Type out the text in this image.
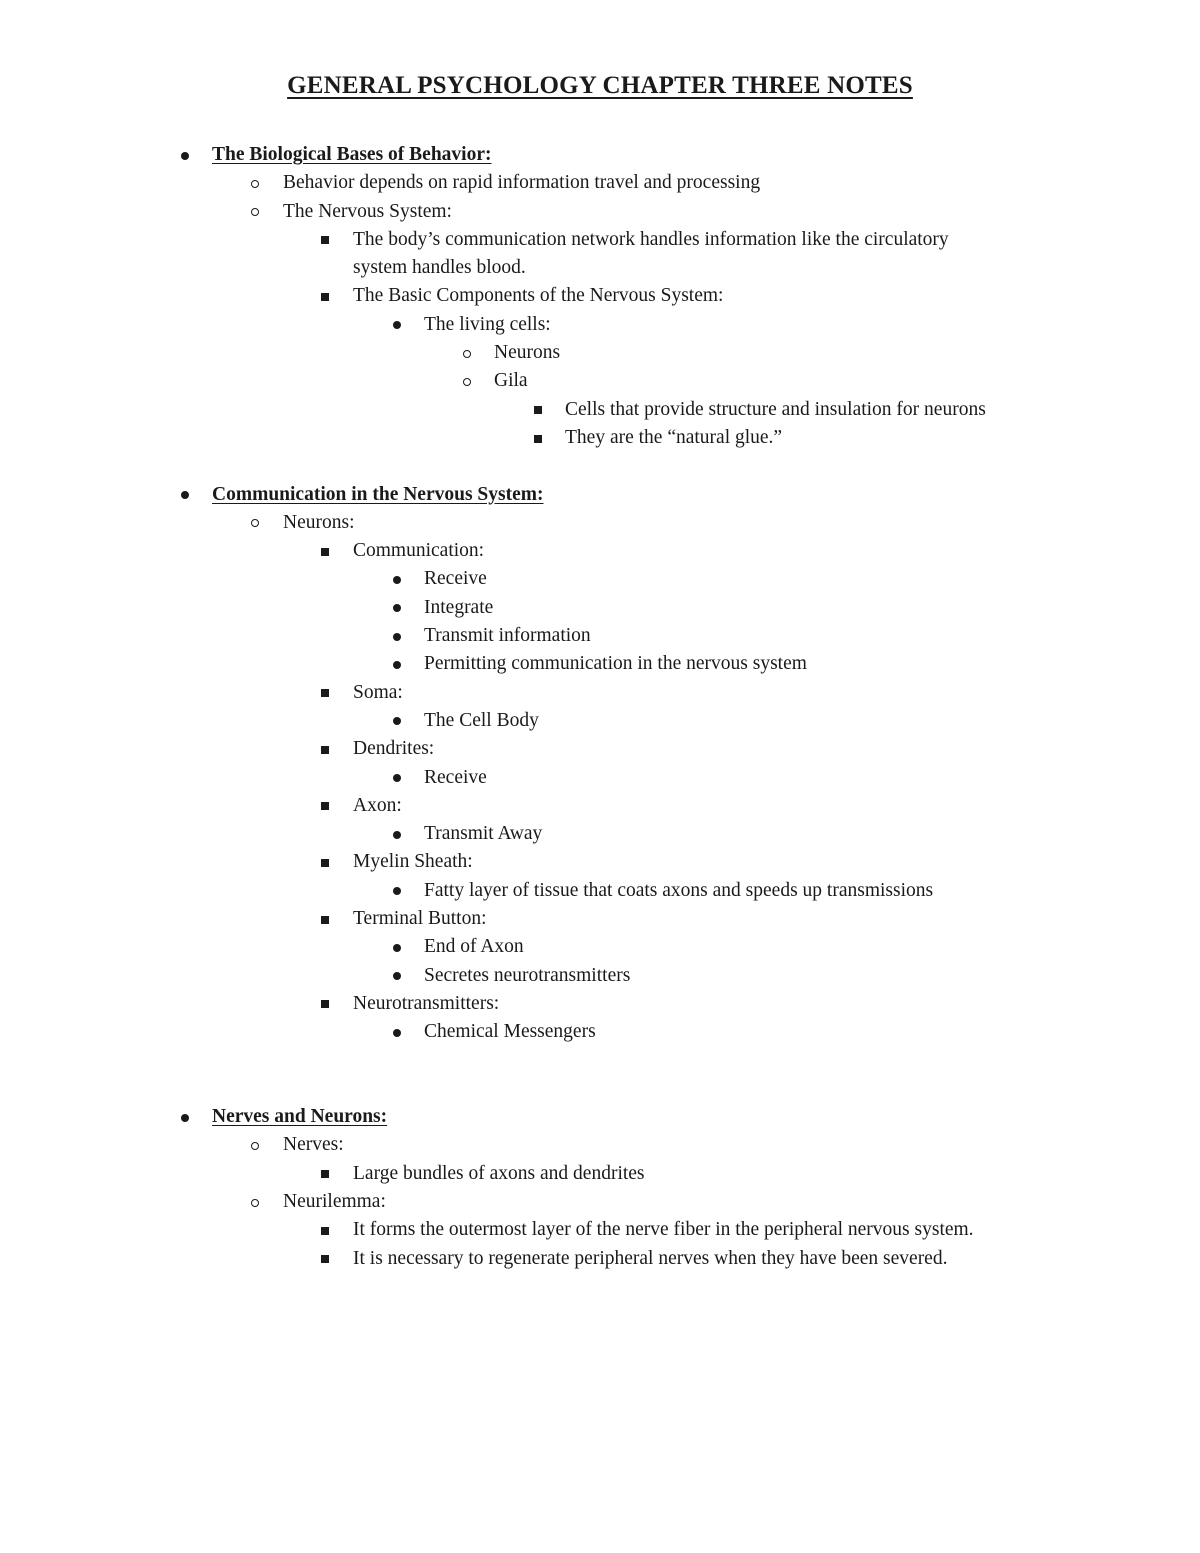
GENERAL PSYCHOLOGY CHAPTER THREE NOTES
The Biological Bases of Behavior:
Behavior depends on rapid information travel and processing
The Nervous System:
The body’s communication network handles information like the circulatory
system handles blood.
The Basic Components of the Nervous System:
The living cells:
Neurons
Gila
Cells that provide structure and insulation for neurons
They are the “natural glue.”
Communication in the Nervous System:
Neurons:
Communication:
Receive
Integrate
Transmit information
Permitting communication in the nervous system
Soma:
The Cell Body
Dendrites:
Receive
Axon:
Transmit Away
Myelin Sheath:
Fatty layer of tissue that coats axons and speeds up transmissions
Terminal Button:
End of Axon
Secretes neurotransmitters
Neurotransmitters:
Chemical Messengers
Nerves and Neurons:
Nerves:
Large bundles of axons and dendrites
Neurilemma:
It forms the outermost layer of the nerve fiber in the peripheral nervous system.
It is necessary to regenerate peripheral nerves when they have been severed.
